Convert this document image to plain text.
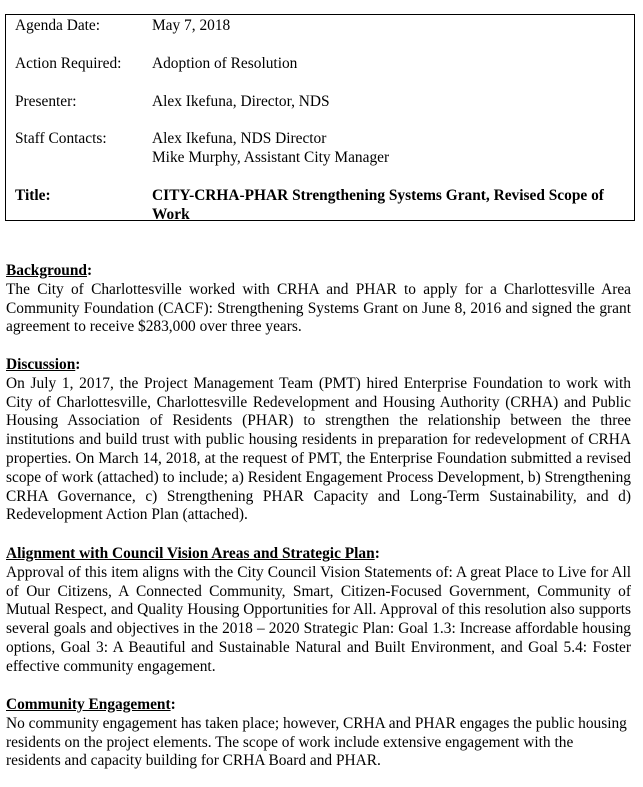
Agenda Date:	May 7, 2018
Action Required:	Adoption of Resolution
Presenter:	Alex Ikefuna, Director, NDS
Staff Contacts:	Alex Ikefuna, NDS Director
Mike Murphy, Assistant City Manager
Title:	CITY-CRHA-PHAR Strengthening Systems Grant, Revised Scope of Work
Background:
The City of Charlottesville worked with CRHA and PHAR to apply for a Charlottesville Area Community Foundation (CACF): Strengthening Systems Grant on June 8, 2016 and signed the grant agreement to receive $283,000 over three years.
Discussion:
On July 1, 2017, the Project Management Team (PMT) hired Enterprise Foundation to work with City of Charlottesville, Charlottesville Redevelopment and Housing Authority (CRHA) and Public Housing Association of Residents (PHAR) to strengthen the relationship between the three institutions and build trust with public housing residents in preparation for redevelopment of CRHA properties. On March 14, 2018, at the request of PMT, the Enterprise Foundation submitted a revised scope of work (attached) to include; a) Resident Engagement Process Development, b) Strengthening CRHA Governance, c) Strengthening PHAR Capacity and Long-Term Sustainability, and d) Redevelopment Action Plan (attached).
Alignment with Council Vision Areas and Strategic Plan:
Approval of this item aligns with the City Council Vision Statements of: A great Place to Live for All of Our Citizens, A Connected Community, Smart, Citizen-Focused Government, Community of Mutual Respect, and Quality Housing Opportunities for All. Approval of this resolution also supports several goals and objectives in the 2018 – 2020 Strategic Plan: Goal 1.3: Increase affordable housing options, Goal 3: A Beautiful and Sustainable Natural and Built Environment, and Goal 5.4: Foster effective community engagement.
Community Engagement:
No community engagement has taken place; however, CRHA and PHAR engages the public housing residents on the project elements. The scope of work include extensive engagement with the residents and capacity building for CRHA Board and PHAR.
